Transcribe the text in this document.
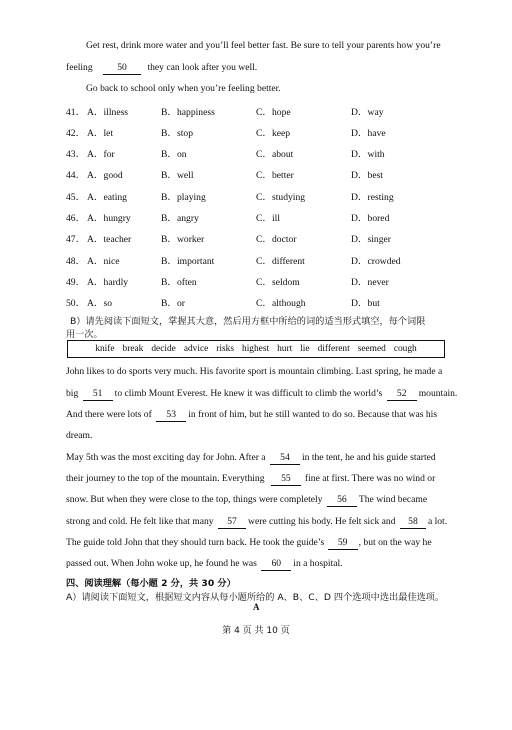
Get rest, drink more water and you’ll feel better fast. Be sure to tell your parents how you’re
feeling	50 they can look after you well.
Go back to school only when you’re feeling better.
41． A．illness	B．happiness	C．hope	D．way
42． A．let	B．stop	C．keep	D．have
43． A．for	B．on	C．about	D．with
44． A．good	B．well	C．better	D．best
45． A．eating	B．playing	C．studying	D．resting
46． A．hungry	B．angry	C．ill	D．bored
47． A．teacher	B．worker	C．doctor	D．singer
48． A．nice	B．important	C．different	D．crowded
49． A．hardly	B．often	C．seldom	D．never
50． A．so	B．or	C．although	D．but
B）请先阅读下面短文，掌握其大意，然后用方框中所给的词的适当形式填空，每个词限
用一次。
knife break decide advice risks highest hurt lie different seemed cough
John likes to do sports very much. His favorite sport is mountain climbing. Last spring, he made a
big 51 to climb Mount Everest. He knew it was difficult to climb the world’s 52 mountain.
And there were lots of 53 in front of him, but he still wanted to do so. Because that was his
dream.
May 5th was the most exciting day for John. After a 54 in the tent, he and his guide started
their journey to the top of the mountain. Everything 55 fine at first. There was no wind or
snow. But when they were close to the top, things were completely 56 The wind became
strong and cold. He felt like that many 57 were cutting his body. He felt sick and 58 a lot.
The guide told John that they should turn back. He took the guide’s 59 , but on the way he
passed out. When John woke up, he found he was 60 in a hospital.
四、阅读理解（每小题 2 分，共 30 分）
A）请阅读下面短文，根据短文内容从每小题所给的 A、B、C、D 四个选项中选出最佳选项。
A
第 4 页 共 10 页
